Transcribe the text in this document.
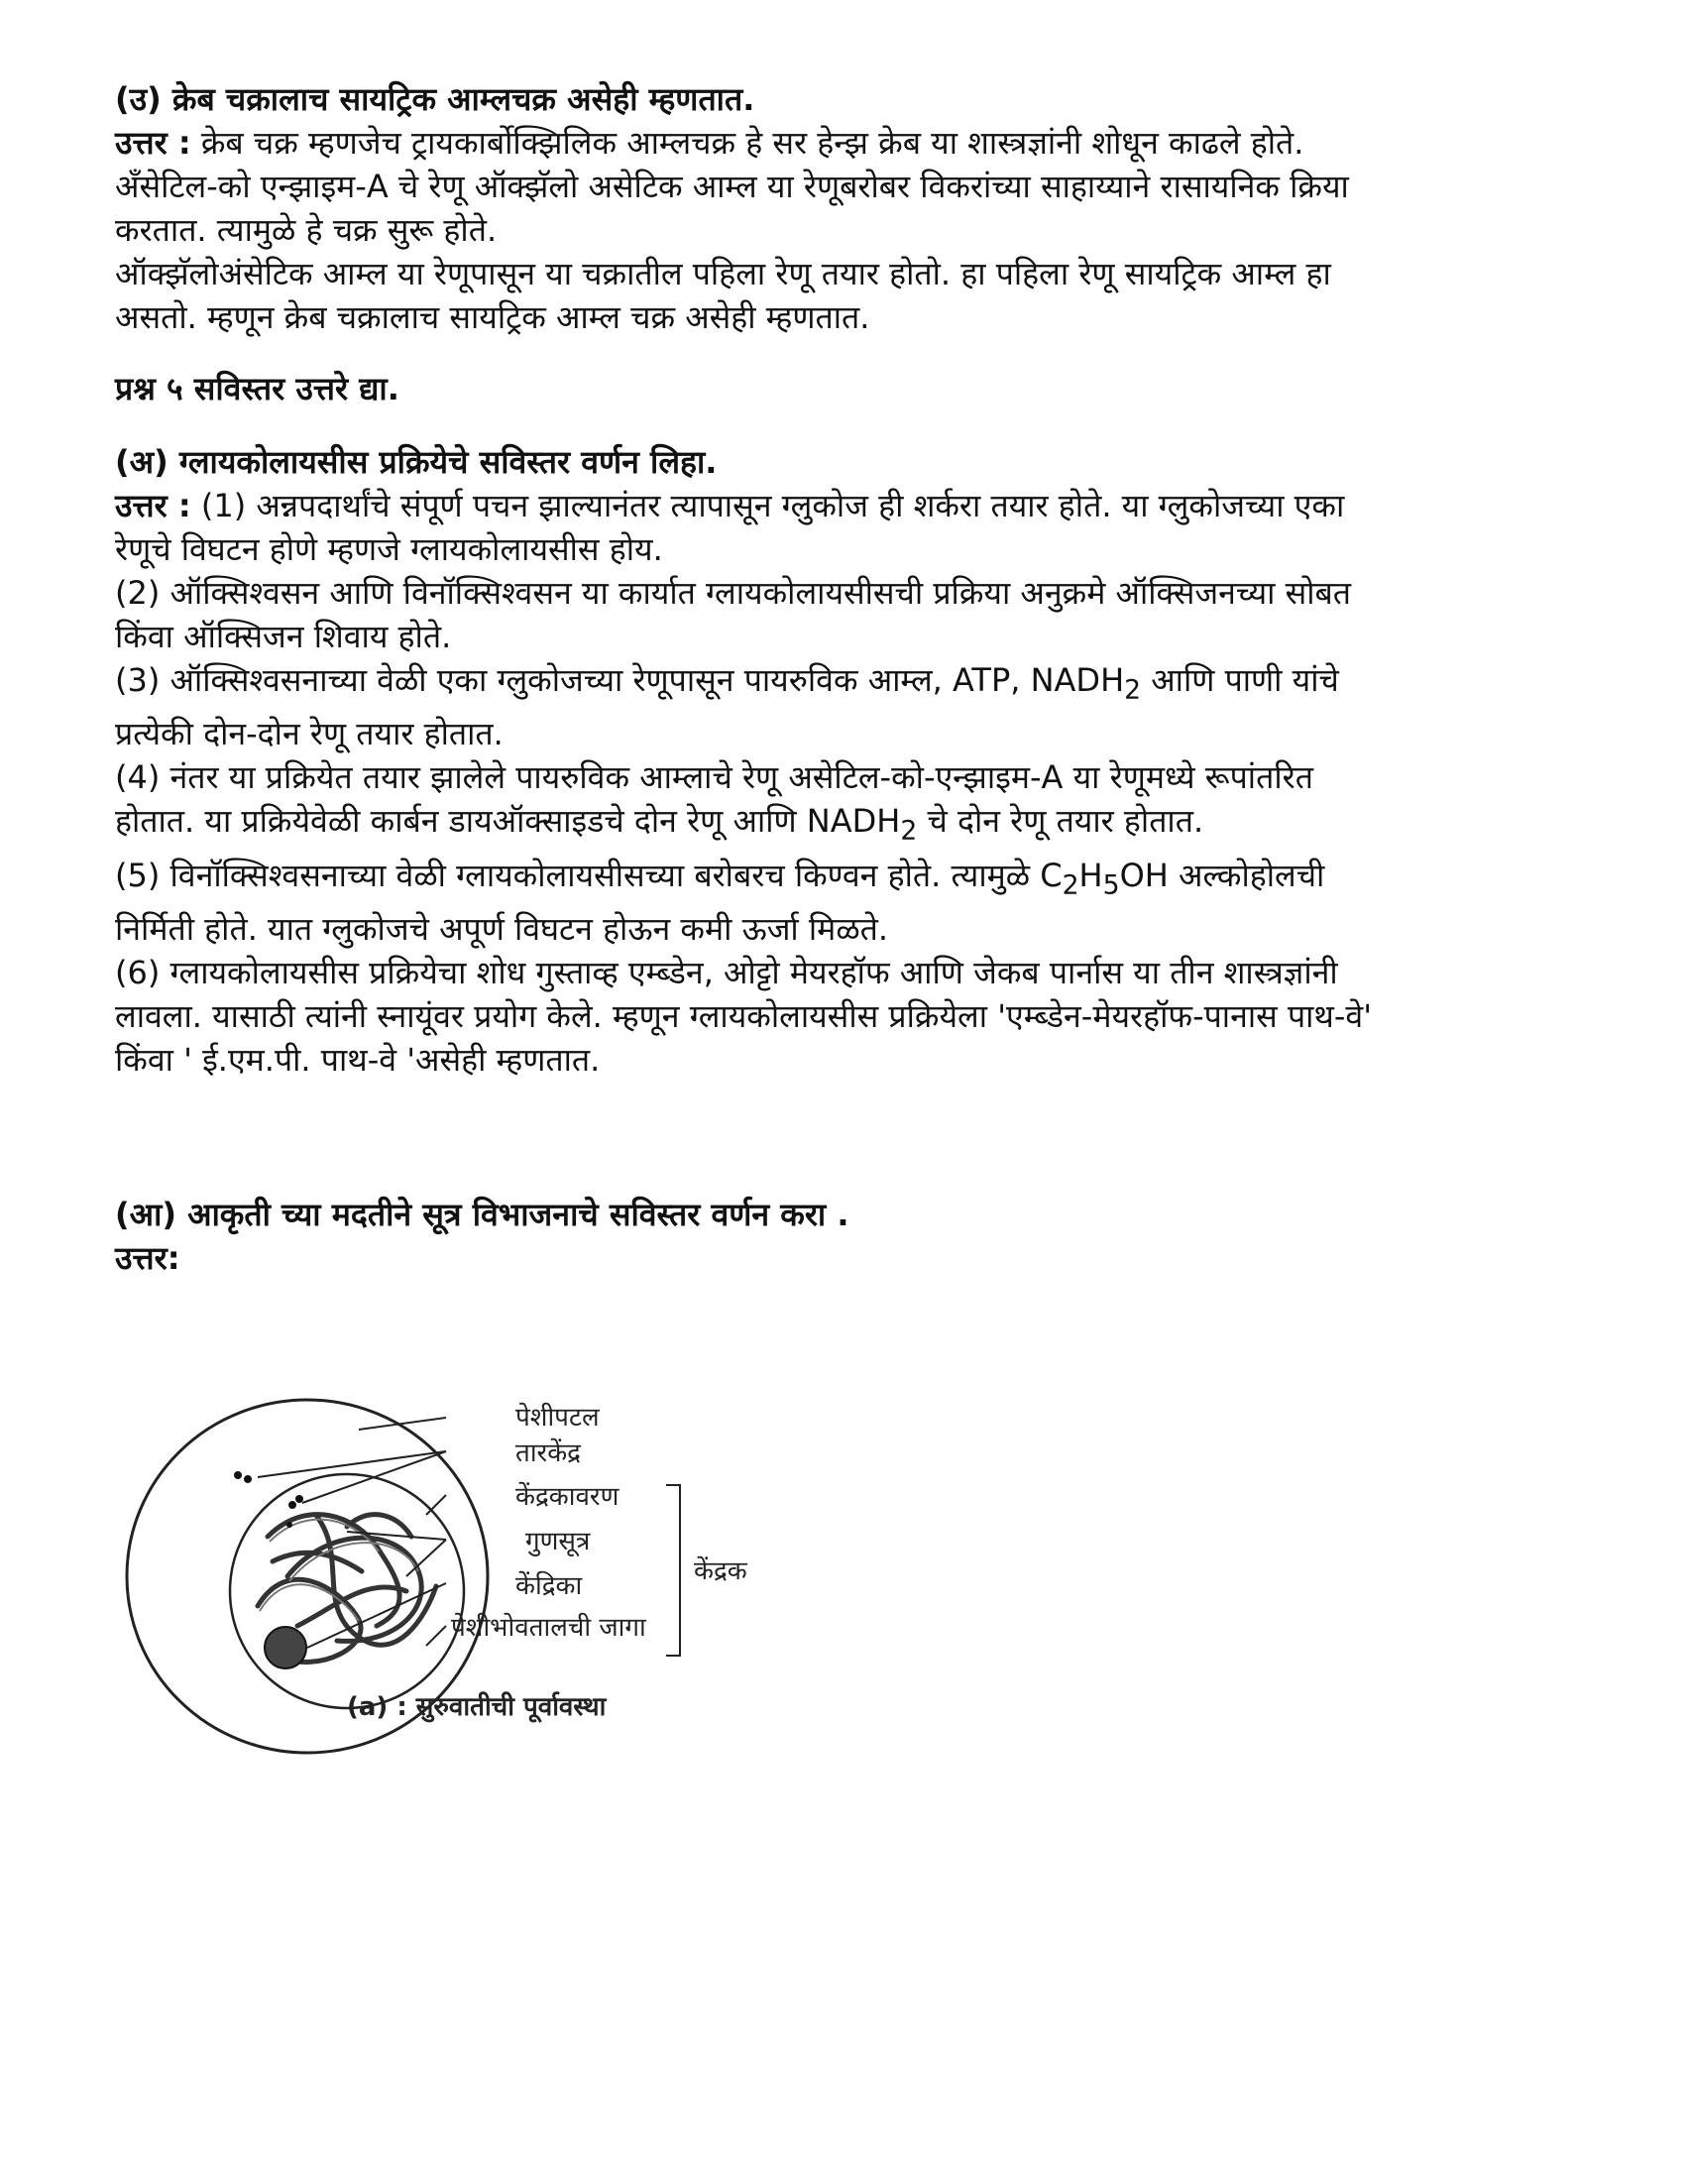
(उ) क्रेब चक्रालाच सायट्रिक आम्लचक्र असेही म्हणतात.

उत्तर : क्रेब चक्र म्हणजेच ट्रायकार्बोक्झिलिक आम्लचक्र हे सर हेन्झ क्रेब या शास्त्रज्ञांनी शोधून काढले होते.

अँसेटिल-को एन्झाइम-A चे रेणू ऑक्झॅलो असेटिक आम्ल या रेणूबरोबर विकरांच्या साहाय्याने रासायनिक क्रिया

करतात. त्यामुळे हे चक्र सुरू होते.

ऑक्झॅलोअंसेटिक आम्ल या रेणूपासून या चक्रातील पहिला रेणू तयार होतो. हा पहिला रेणू सायट्रिक आम्ल हा

असतो. म्हणून क्रेब चक्रालाच सायट्रिक आम्ल चक्र असेही म्हणतात.

प्रश्न ५ सविस्तर उत्तरे द्या.

(अ) ग्लायकोलायसीस प्रक्रियेचे सविस्तर वर्णन लिहा.

उत्तर : (1) अन्नपदार्थांचे संपूर्ण पचन झाल्यानंतर त्यापासून ग्लुकोज ही शर्करा तयार होते. या ग्लुकोजच्या एका

रेणूचे विघटन होणे म्हणजे ग्लायकोलायसीस होय.

(2) ऑक्सिश्वसन आणि विनॉक्सिश्वसन या कार्यात ग्लायकोलायसीसची प्रक्रिया अनुक्रमे ऑक्सिजनच्या सोबत

किंवा ऑक्सिजन शिवाय होते.

(3) ऑक्सिश्वसनाच्या वेळी एका ग्लुकोजच्या रेणूपासून पायरुविक आम्ल, ATP, $NADH_2$ आणि पाणी यांचे

प्रत्येकी दोन-दोन रेणू तयार होतात.

(4) नंतर या प्रक्रियेत तयार झालेले पायरुविक आम्लाचे रेणू असेटिल-को-एन्झाइम-A या रेणूमध्ये रूपांतरित

होतात. या प्रक्रियेवेळी कार्बन डायऑक्साइडचे दोन रेणू आणि $NADH_2$ चे दोन रेणू तयार होतात.

(5) विनॉक्सिश्वसनाच्या वेळी ग्लायकोलायसीसच्या बरोबरच किण्वन होते. त्यामुळे $C_2H_5OH$ अल्कोहोलची

निर्मिती होते. यात ग्लुकोजचे अपूर्ण विघटन होऊन कमी ऊर्जा मिळते.

(6) ग्लायकोलायसीस प्रक्रियेचा शोध गुस्ताव्ह एम्ब्डेन, ओट्टो मेयरहॉफ आणि जेकब पार्नास या तीन शास्त्रज्ञांनी

लावला. यासाठी त्यांनी स्नायूंवर प्रयोग केले. म्हणून ग्लायकोलायसीस प्रक्रियेला 'एम्ब्डेन-मेयरहॉफ-पानास पाथ-वे'

किंवा ' ई.एम.पी. पाथ-वे 'असेही म्हणतात.

(आ) आकृती च्या मदतीने सूत्र विभाजनाचे सविस्तर वर्णन करा .

उत्तर:

पेशीपटल
तारकेंद्र
केंद्रकावरण
गुणसूत्र
केंद्रिका	केंद्रक
पेशीभोवतालची जागा
(a) : सुरुवातीची पूर्वावस्था
